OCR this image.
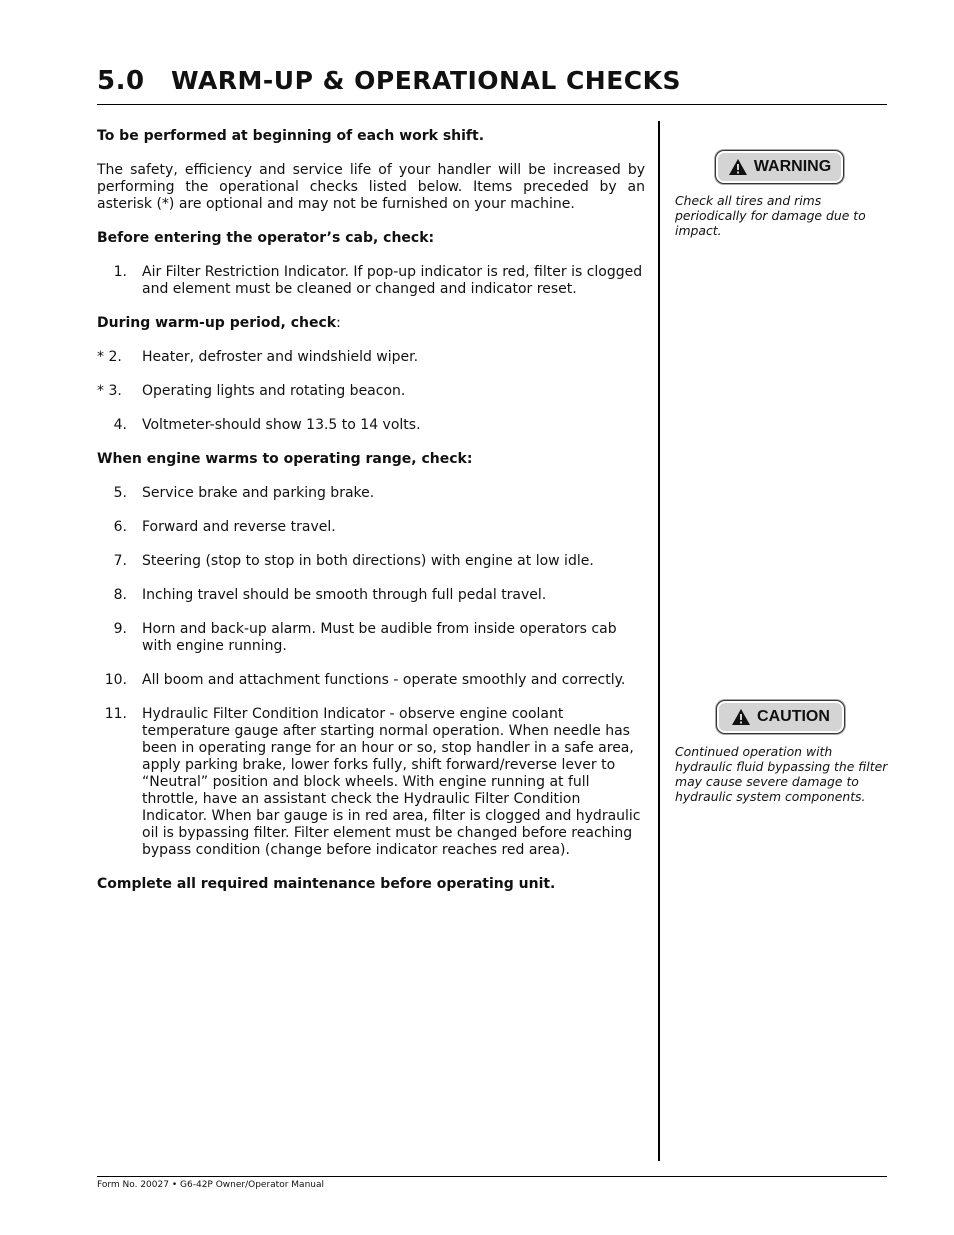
5.0 WARM-UP & OPERATIONAL CHECKS

To be performed at beginning of each work shift.

The safety, efficiency and service life of your handler will be increased by performing the operational checks listed below. Items preceded by an asterisk (*) are optional and may not be furnished on your machine.

Before entering the operator’s cab, check:

1. Air Filter Restriction Indicator. If pop-up indicator is red, filter is clogged and element must be cleaned or changed and indicator reset.

During warm-up period, check:

* 2.	Heater, defroster and windshield wiper.
* 3.	Operating lights and rotating beacon.
4. Voltmeter-should show 13.5 to 14 volts.

When engine warms to operating range, check:

5. Service brake and parking brake.
6. Forward and reverse travel.
7. Steering (stop to stop in both directions) with engine at low idle.
8. Inching travel should be smooth through full pedal travel.
9. Horn and back-up alarm. Must be audible from inside operators cab with engine running.
10. All boom and attachment functions - operate smoothly and correctly.
11. Hydraulic Filter Condition Indicator - observe engine coolant temperature gauge after starting normal operation. When needle has been in operating range for an hour or so, stop handler in a safe area, apply parking brake, lower forks fully, shift forward/reverse lever to “Neutral” position and block wheels. With engine running at full throttle, have an assistant check the Hydraulic Filter Condition Indicator. When bar gauge is in red area, filter is clogged and hydraulic oil is bypassing filter. Filter element must be changed before reaching bypass condition (change before indicator reaches red area).

Complete all required maintenance before operating unit.

WARNING
Check all tires and rims periodically for damage due to impact.
CAUTION
Continued operation with hydraulic fluid bypassing the filter may cause severe damage to hydraulic system components.
Form No. 20027 • G6-42P Owner/Operator Manual
